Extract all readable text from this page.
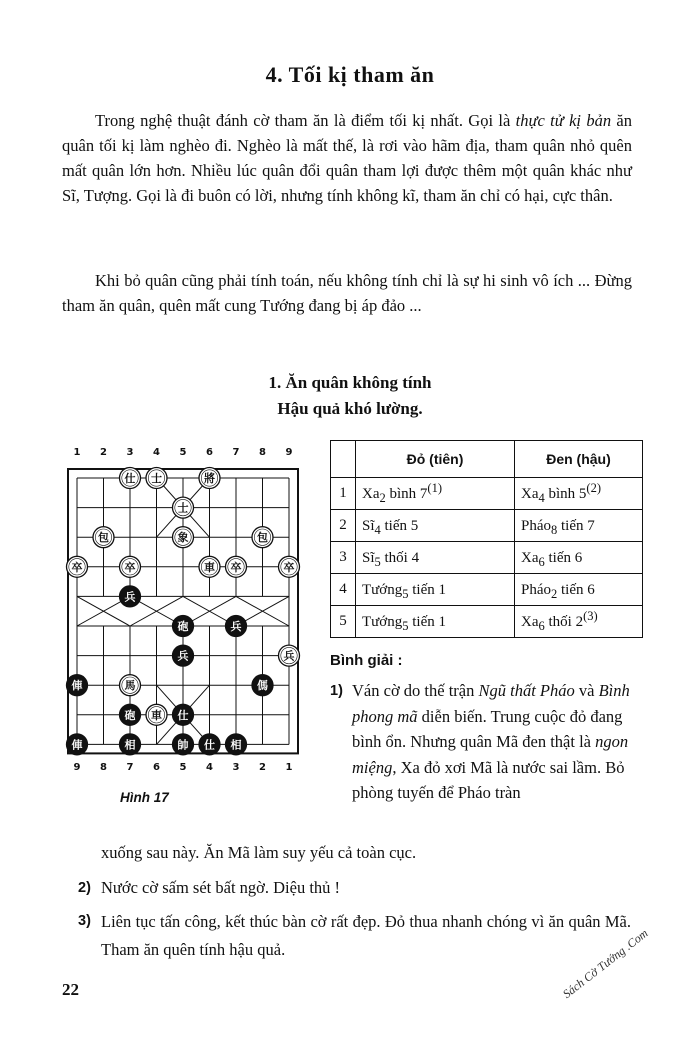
4. Tối kị tham ăn
Trong nghệ thuật đánh cờ tham ăn là điểm tối kị nhất. Gọi là thực tử kị bản ăn quân tối kị làm nghèo đi. Nghèo là mất thế, là rơi vào hãm địa, tham quân nhỏ quên mất quân lớn hơn. Nhiều lúc quân đổi quân tham lợi được thêm một quân khác như Sĩ, Tượng. Gọi là đi buôn có lời, nhưng tính không kĩ, tham ăn chỉ có hại, cực thân.
Khi bỏ quân cũng phải tính toán, nếu không tính chỉ là sự hi sinh vô ích ... Đừng tham ăn quân, quên mất cung Tướng đang bị áp đảo ...
1. Ăn quân không tính
Hậu quả khó lường.
1 2 3 4 5 6 7 8 9
9 8 7 6 5 4 3 2 1
仕 士	將
士
包	象	包
卒	卒	車 卒	卒
兵
砲	兵
兵	兵
俥	馬	傌
砲 車 仕
俥	相	帥 仕 相
Hình 17
	Đỏ (tiên)	Đen (hậu)
1	$Xa_2$ bình 7$^{(1)}$	$Xa_4$ bình 5$^{(2)}$
2	$Sĩ_4$ tiến 5	Pháo$_8$ tiến 7
3	$Sĩ_5$ thối 4	$Xa_6$ tiến 6
4	Tướng$_5$ tiến 1	Pháo$_2$ tiến 6
5	Tướng$_5$ tiến 1	$Xa_6$ thối 2$^{(3)}$
Bình giải :
1) Ván cờ do thế trận Ngũ thất Pháo và Bình phong mã diễn biến. Trung cuộc đỏ đang bình ổn. Nhưng quân Mã đen thật là ngon miệng, Xa đỏ xơi Mã là nước sai lầm. Bỏ phòng tuyến để Pháo tràn
xuống sau này. Ăn Mã làm suy yếu cả toàn cục.
2) Nước cờ sấm sét bất ngờ. Diệu thủ !
3) Liên tục tấn công, kết thúc bàn cờ rất đẹp. Đỏ thua nhanh chóng vì ăn quân Mã. Tham ăn quên tính hậu quả.
22	Sách Cờ Tướng .Com
